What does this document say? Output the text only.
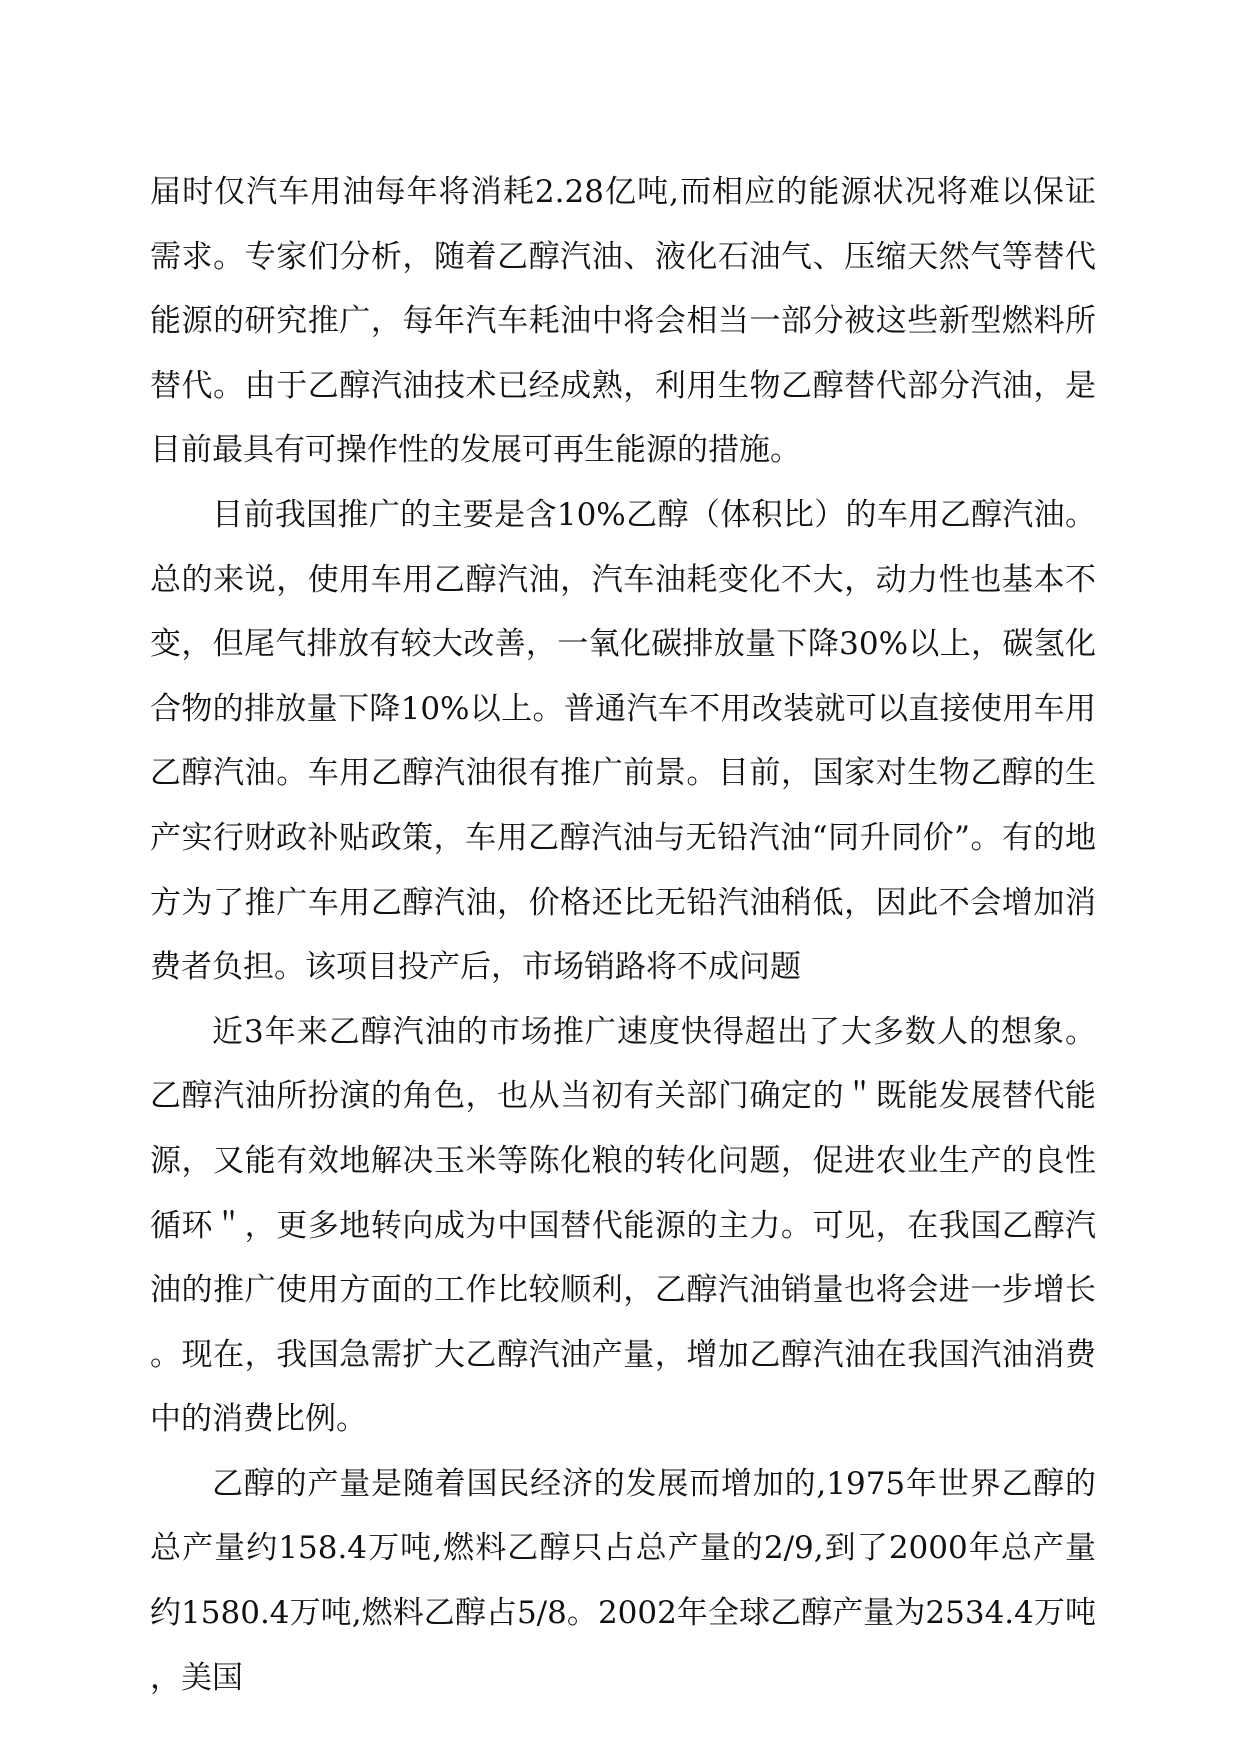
届时仅汽车用油每年将消耗2.28亿吨,而相应的能源状况将难以保证需求。专家们分析，随着乙醇汽油、液化石油气、压缩天然气等替代能源的研究推广，每年汽车耗油中将会相当一部分被这些新型燃料所替代。由于乙醇汽油技术已经成熟，利用生物乙醇替代部分汽油，是目前最具有可操作性的发展可再生能源的措施。

目前我国推广的主要是含10%乙醇（体积比）的车用乙醇汽油。总的来说，使用车用乙醇汽油，汽车油耗变化不大，动力性也基本不变，但尾气排放有较大改善，一氧化碳排放量下降30%以上，碳氢化合物的排放量下降10%以上。普通汽车不用改装就可以直接使用车用乙醇汽油。车用乙醇汽油很有推广前景。目前，国家对生物乙醇的生产实行财政补贴政策，车用乙醇汽油与无铅汽油“同升同价”。有的地方为了推广车用乙醇汽油，价格还比无铅汽油稍低，因此不会增加消费者负担。该项目投产后，市场销路将不成问题

近3年来乙醇汽油的市场推广速度快得超出了大多数人的想象。乙醇汽油所扮演的角色，也从当初有关部门确定的＂既能发展替代能源，又能有效地解决玉米等陈化粮的转化问题，促进农业生产的良性循环＂，更多地转向成为中国替代能源的主力。可见，在我国乙醇汽油的推广使用方面的工作比较顺利，乙醇汽油销量也将会进一步增长。现在，我国急需扩大乙醇汽油产量，增加乙醇汽油在我国汽油消费中的消费比例。

乙醇的产量是随着国民经济的发展而增加的,1975年世界乙醇的总产量约158.4万吨,燃料乙醇只占总产量的2/9,到了2000年总产量约1580.4万吨,燃料乙醇占5/8。2002年全球乙醇产量为2534.4万吨，美国
